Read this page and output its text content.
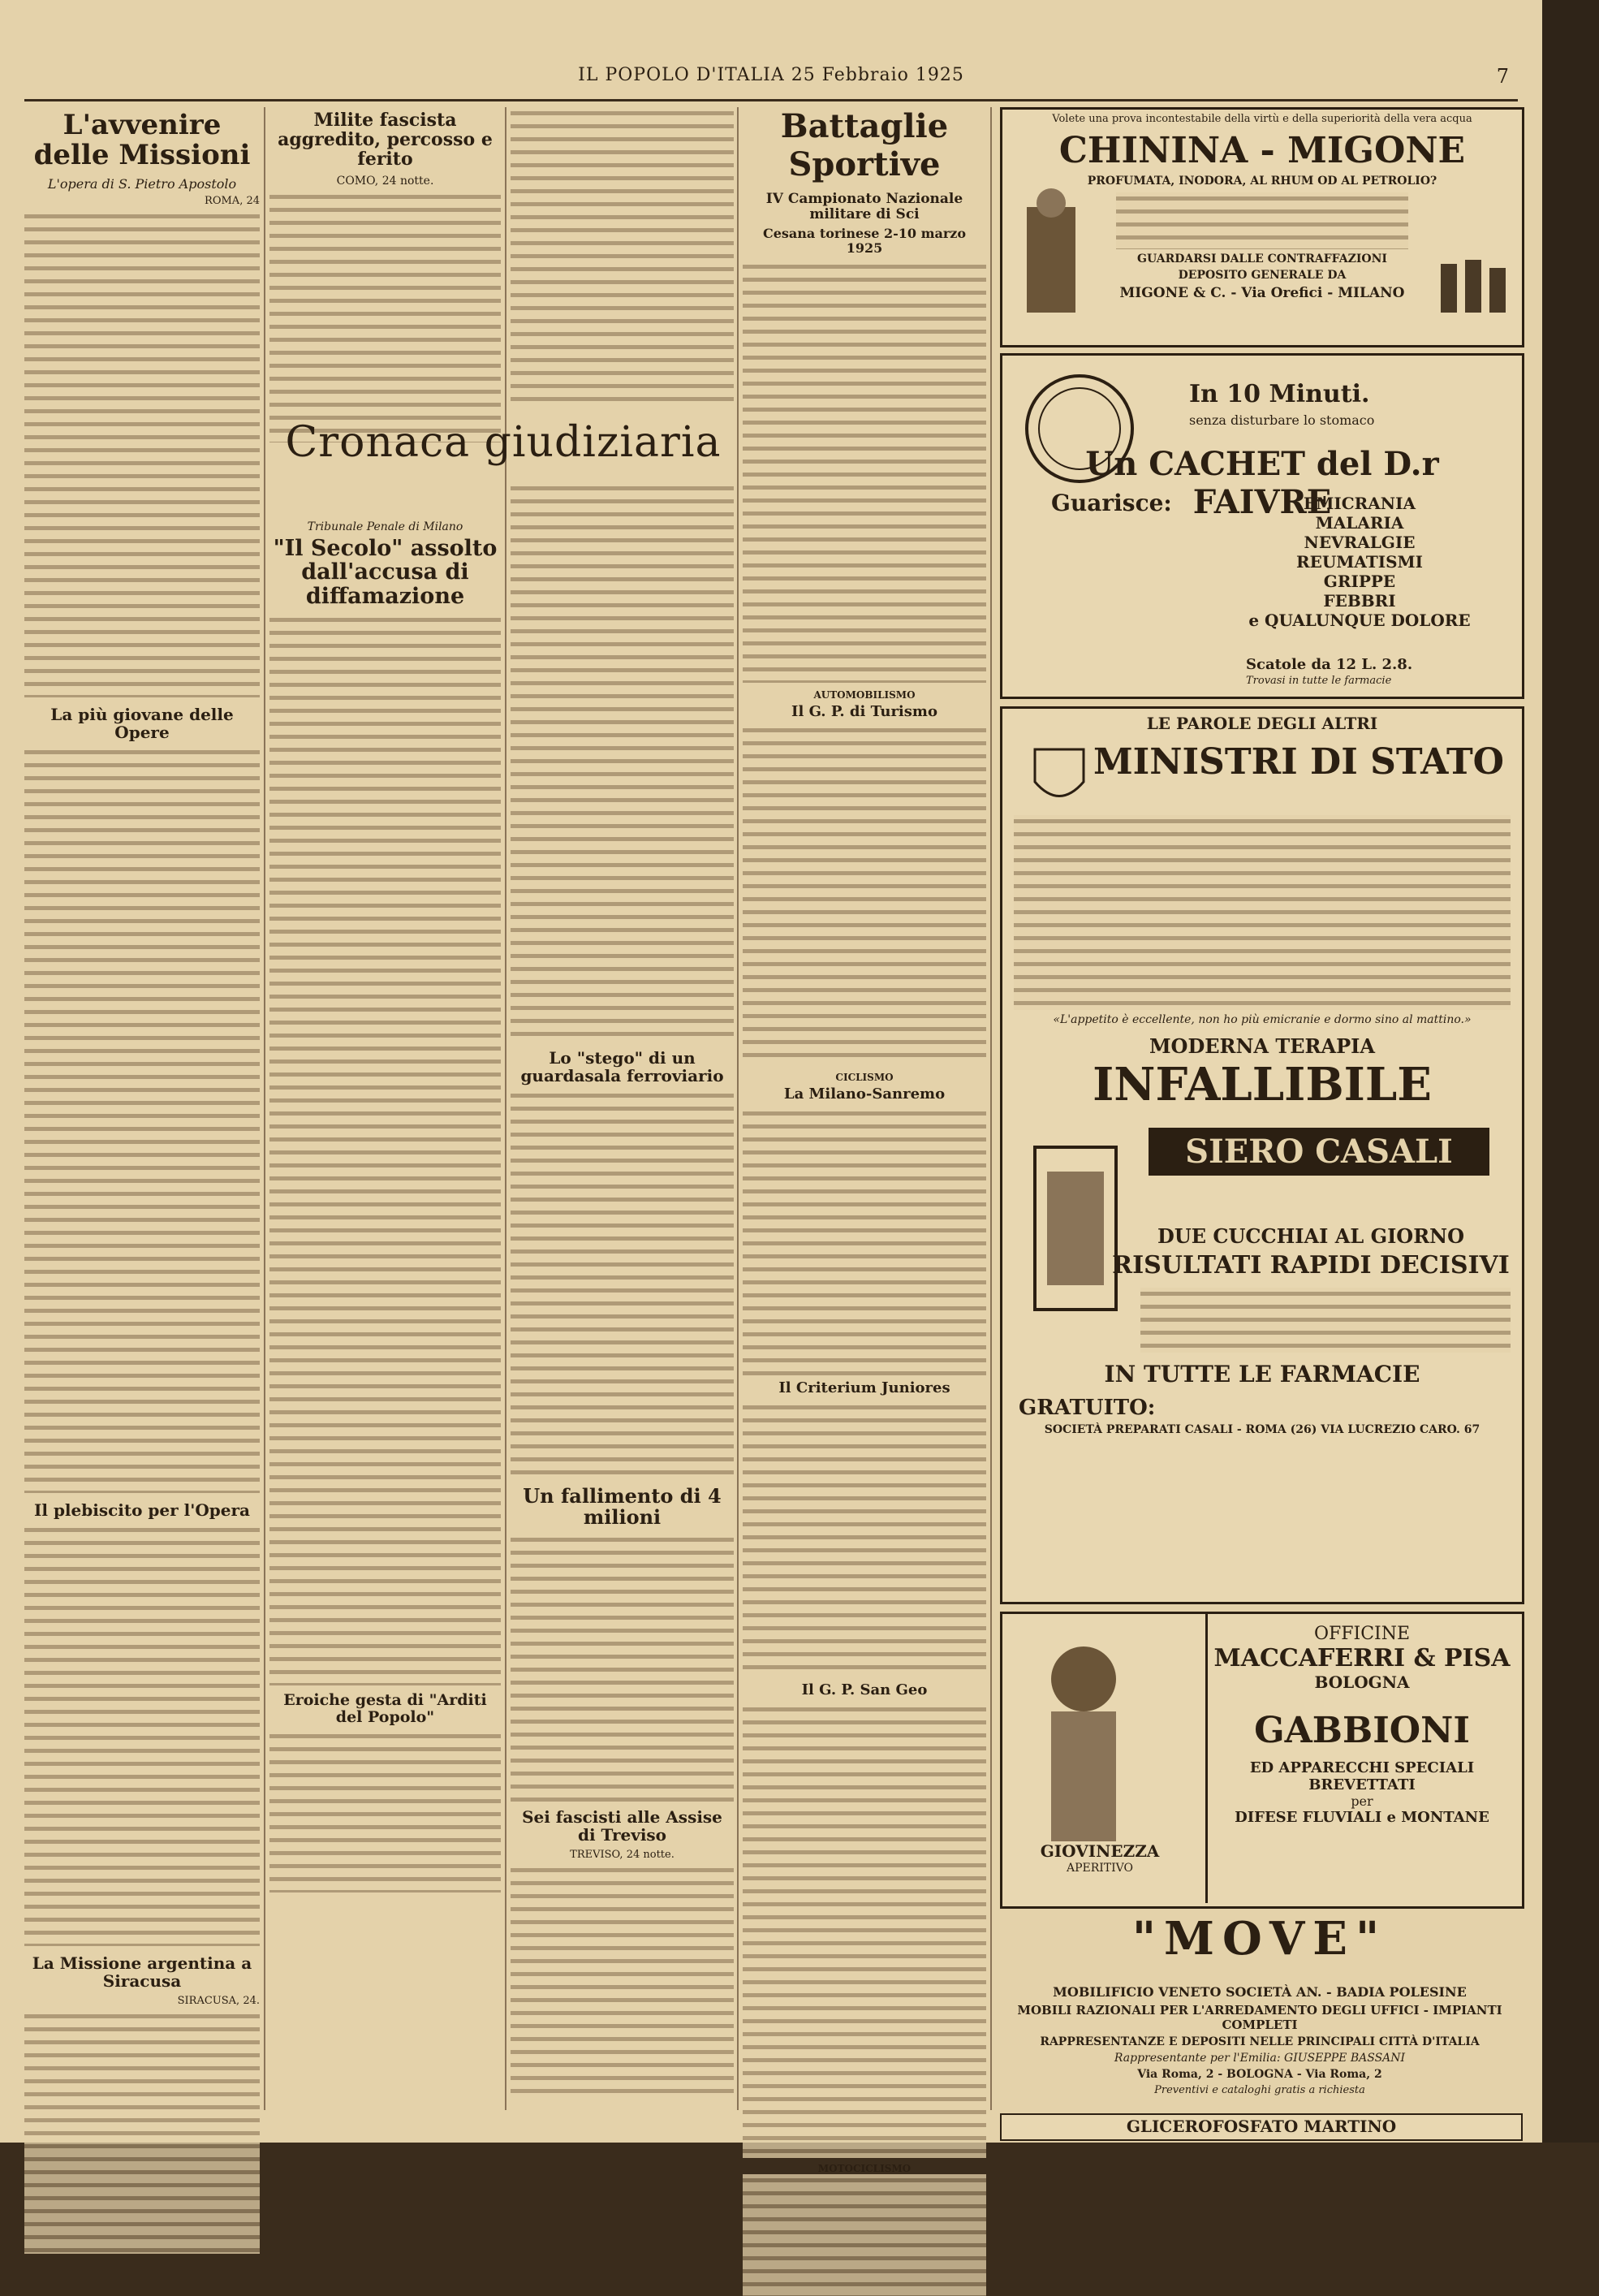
IL POPOLO D'ITALIA 25 Febbraio 1925	7
L'avvenire delle Missioni
L'opera di S. Pietro Apostolo
ROMA, 24
La più giovane delle Opere
Il plebiscito per l'Opera
La Missione argentina a Siracusa
SIRACUSA, 24.
Milite fascista aggredito, percosso e ferito
COMO, 24 notte.
Tribunale Penale di Milano
"Il Secolo" assolto dall'accusa di diffamazione
Eroiche gesta di "Arditi del Popolo"
Lo "stego" di un guardasala ferroviario
Un fallimento di 4 milioni
Sei fascisti alle Assise di Treviso
TREVISO, 24 notte.
Cronaca giudiziaria
Battaglie Sportive
IV Campionato Nazionale militare di Sci
Cesana torinese 2-10 marzo 1925
AUTOMOBILISMO
Il G. P. di Turismo
CICLISMO
La Milano-Sanremo
Il Criterium Juniores
Il G. P. San Geo
MOTOCICLISMO

Volete una prova incontestabile della virtù e della superiorità della vera acqua

CHININA - MIGONE

PROFUMATA, INODORA, AL RHUM OD AL PETROLIO?

GUARDARSI DALLE CONTRAFFAZIONI

DEPOSITO GENERALE DA

MIGONE & C. - Via Orefici - MILANO

In 10 Minuti.
senza disturbare lo stomaco
Un CACHET del D.r FAIVRE
Guarisce:	EMICRANIA
MALARIA
NEVRALGIE
REUMATISMI
GRIPPE
FEBBRI
e QUALUNQUE DOLORE
Scatole da 12 L. 2.8.
Trovasi in tutte le farmacie
LE PAROLE DEGLI ALTRI
MINISTRI DI STATO

«L'appetito è eccellente, non ho più emicranie e dormo sino al mattino.»

MODERNA TERAPIA
INFALLIBILE
SIERO CASALI
DUE CUCCHIAI AL GIORNO
RISULTATI RAPIDI DECISIVI
IN TUTTE LE FARMACIE
GRATUITO:

SOCIETÀ PREPARATI CASALI - ROMA (26) VIA LUCREZIO CARO. 67

GIOVINEZZA
APERITIVO
OFFICINE
MACCAFERRI & PISA
BOLOGNA
GABBIONI
ED APPARECCHI SPECIALI
BREVETTATI
per
DIFESE FLUVIALI e MONTANE
"MOVE"

MOBILIFICIO VENETO SOCIETÀ AN. - BADIA POLESINE

MOBILI RAZIONALI PER L'ARREDAMENTO DEGLI UFFICI - IMPIANTI COMPLETI

RAPPRESENTANZE E DEPOSITI NELLE PRINCIPALI CITTÀ D'ITALIA

Rappresentante per l'Emilia: GIUSEPPE BASSANI

Via Roma, 2 - BOLOGNA - Via Roma, 2

Preventivi e cataloghi gratis a richiesta

GLICEROFOSFATO MARTINO
